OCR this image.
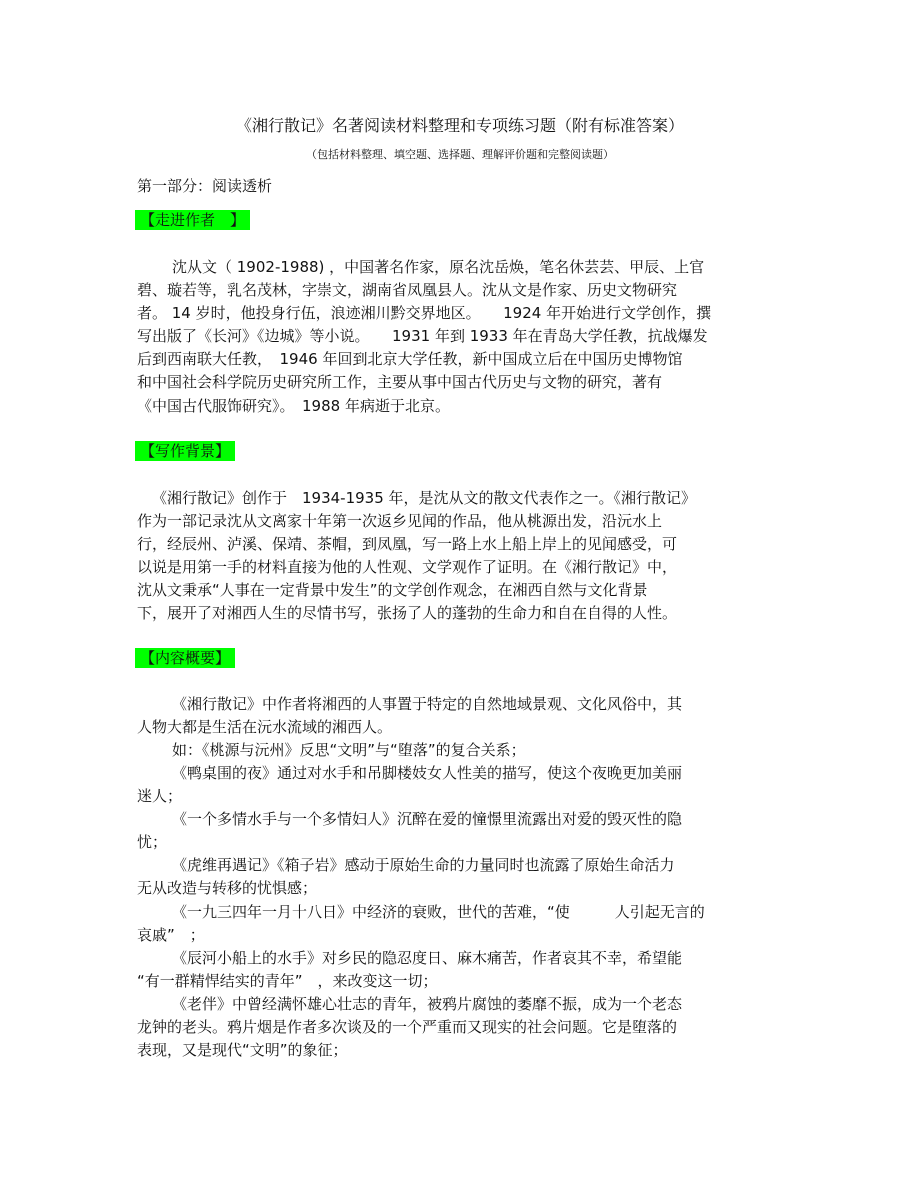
《湘行散记》名著阅读材料整理和专项练习题（附有标准答案）
（包括材料整理、填空题、选择题、理解评价题和完整阅读题）
第一部分：阅读透析
【走进作者　】
沈从文（ 1902-1988) ，中国著名作家，原名沈岳焕，笔名休芸芸、甲辰、上官
碧、璇若等，乳名茂林，字崇文，湖南省凤凰县人。沈从文是作家、历史文物研究
者。 14 岁时，他投身行伍，浪迹湘川黔交界地区。　　1924 年开始进行文学创作，撰
写出版了《长河》《边城》等小说。　　1931 年到 1933 年在青岛大学任教，抗战爆发
后到西南联大任教，　1946 年回到北京大学任教，新中国成立后在中国历史博物馆
和中国社会科学院历史研究所工作，主要从事中国古代历史与文物的研究，著有
《中国古代服饰研究》。　1988 年病逝于北京。
【写作背景】
《湘行散记》创作于　1934-1935 年，是沈从文的散文代表作之一。《湘行散记》
作为一部记录沈从文离家十年第一次返乡见闻的作品，他从桃源出发，沿沅水上
行，经辰州、泸溪、保靖、茶帽，到凤凰，写一路上水上船上岸上的见闻感受，可
以说是用第一手的材料直接为他的人性观、文学观作了证明。在《湘行散记》中，
沈从文秉承“人事在一定背景中发生”的文学创作观念，在湘西自然与文化背景
下，展开了对湘西人生的尽情书写，张扬了人的蓬勃的生命力和自在自得的人性。
【内容概要】
《湘行散记》中作者将湘西的人事置于特定的自然地域景观、文化风俗中，其
人物大都是生活在沅水流域的湘西人。
如：《桃源与沅州》反思“文明”与“堕落”的复合关系；
《鸭桌围的夜》通过对水手和吊脚楼妓女人性美的描写，使这个夜晚更加美丽
迷人；
《一个多情水手与一个多情妇人》沉醉在爱的憧憬里流露出对爱的毁灭性的隐
忧；
《虎维再遇记》《箱子岩》感动于原始生命的力量同时也流露了原始生命活力
无从改造与转移的忧惧感；
《一九三四年一月十八日》中经济的衰败，世代的苦难，“使　　　人引起无言的
哀戚”　；
《辰河小船上的水手》对乡民的隐忍度日、麻木痛苦，作者哀其不幸，希望能
“有一群精悍结实的青年”　，来改变这一切；
《老伴》中曾经满怀雄心壮志的青年，被鸦片腐蚀的萎靡不振，成为一个老态
龙钟的老头。鸦片烟是作者多次谈及的一个严重而又现实的社会问题。它是堕落的
表现，又是现代“文明”的象征；
